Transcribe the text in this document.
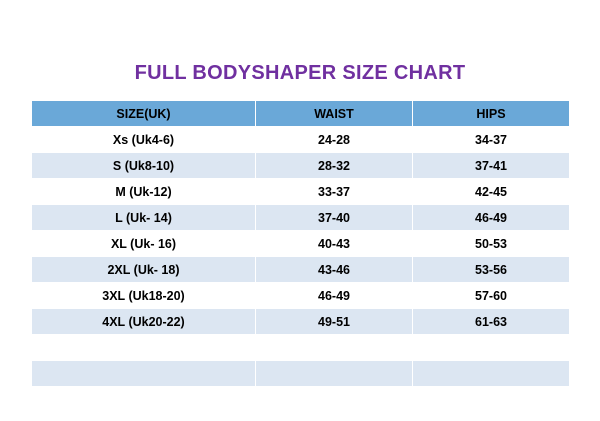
FULL BODYSHAPER SIZE CHART
SIZE(UK)	WAIST	HIPS
Xs (Uk4-6)	24-28	34-37
S (Uk8-10)	28-32	37-41
M (Uk-12)	33-37	42-45
L (Uk- 14)	37-40	46-49
XL (Uk- 16)	40-43	50-53
2XL (Uk- 18)	43-46	53-56
3XL (Uk18-20)	46-49	57-60
4XL (Uk20-22)	49-51	61-63
